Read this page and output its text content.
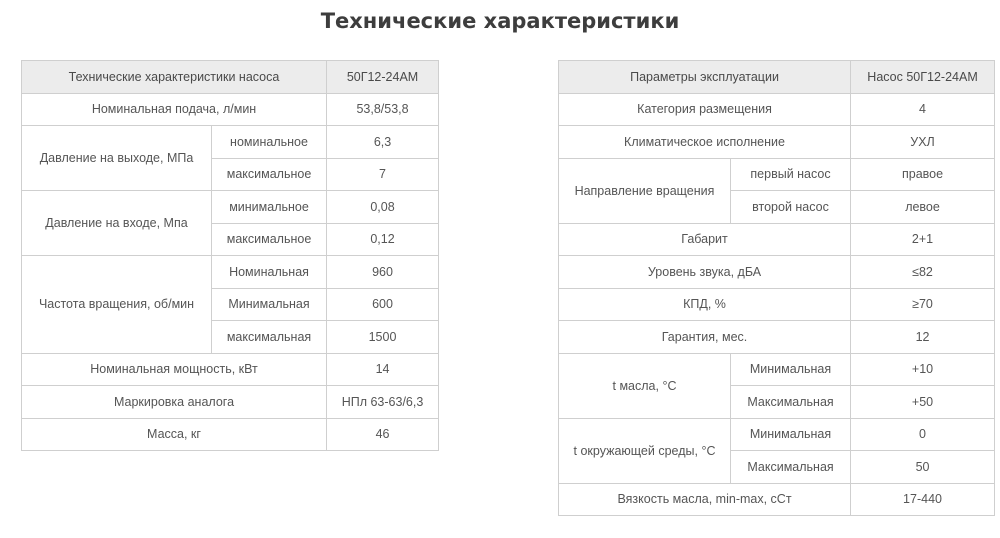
Технические характеристики
Технические характеристики насоса		50Г12-24АМ
Номинальная подача, л/мин		53,8/53,8
Давление на выходе, МПа	номинальное	6,3
	максимальное	7
Давление на входе, Мпа	минимальное	0,08
	максимальное	0,12
Частота вращения, об/мин	Номинальная	960
	Минимальная	600
	максимальная	1500
Номинальная мощность, кВт		14
Маркировка аналога		НПл 63-63/6,3
Масса, кг		46
Параметры эксплуатации		Насос 50Г12-24АМ
Категория размещения		4
Климатическое исполнение		УХЛ
Направление вращения	первый насос	правое
	второй насос	левое
Габарит		2+1
Уровень звука, дБА		≤82
КПД, %		≥70
Гарантия, мес.		12
t масла, °C	Минимальная	+10
	Максимальная	+50
t окружающей среды, °C	Минимальная	0
	Максимальная	50
Вязкость масла, min-max, сСт		17-440
